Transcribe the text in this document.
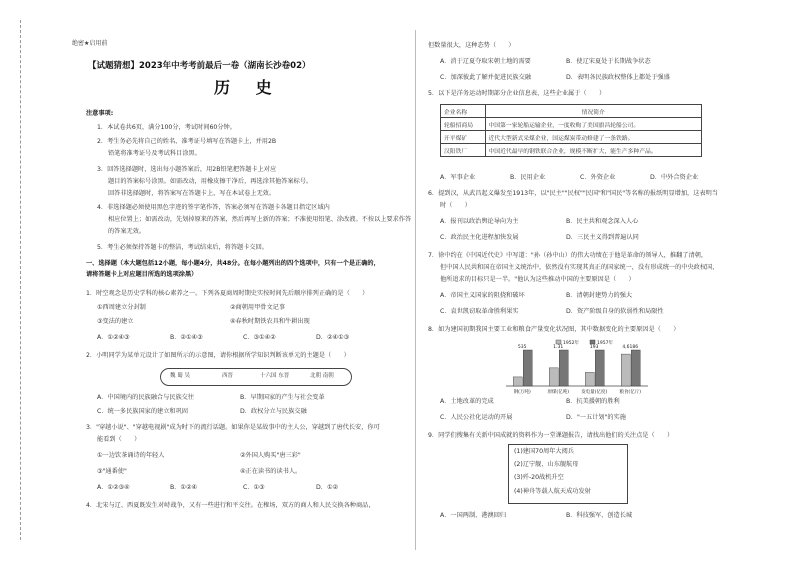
绝密★启用前
【试题猜想】2023年中考考前最后一卷（湖南长沙卷02）
历 史
注意事项:
1．本试卷共6页，满分100分，考试时间60分钟。
2．考生务必先将自己的姓名、准考证号填写在答题卡上，并用2B
铅笔将准考证号及考试科目涂黑。
3．回答选择题时，选出每小题答案后，用2B铅笔把答题卡上对应
题目的答案标号涂黑。如需改动，用橡皮擦干净后，再选涂其他答案标号。
回答非选择题时，将答案写在答题卡上，写在本试卷上无效。
4．非选择题必须使用黑色字迹的签字笔作答，答案必须写在答题卡各题目指定区域内
相应位置上；如需改动，先划掉原来的答案，然后再写上新的答案；不准使用铅笔、涂改液。不按以上要求作答
的答案无效。
5．考生必须保持答题卡的整洁，考试结束后，将答题卡交回。
一、选择题（本大题包括12小题，每小题4分，共48分。在每小题列出的四个选项中，只有一个是正确的，
请将答题卡上对应题目所选的选项涂黑）
1．时空观念是历史学科的核心素养之一。下列各夏商周时期史实按时间先后顺序排列正确的是（　　）
①西周建立分封制	②商朝用甲骨文记事
③变法的建立	④春秋时期铁农具和牛耕出现
A．①②④③	B．②①④③	C．③①④②	D．②④①③
2．小明同学为某单元设计了如图所示的示意图，请你根据所学知识判断该单元的主题是（　　）
魏 蜀 吴	西晋	十六国 东晋	北朝 南朝
A．中国境内的民族融合与民族交往	B．早期国家的产生与社会变革
C．统一多民族国家的建立和巩固	D．政权分立与民族交融
3．"穿越小说"、"穿越电视剧"成为时下的流行话题。如果你是某故事中的主人公，穿越到了唐代长安，你可
能看到（　　）
①一边饮茶诵诗的年轻人	②外国人购买"唐三彩"
③"通番使"	④正在读书的读书人。
A．①②③④	B．①②④	C．①③	D．①②
4．北宋与辽、西夏既发生对峙战争，又有一些进行和平交往。在榷场，双方的商人和人民交换各种商品，
但数量很大，这种态势（　　）
A．消于辽夏夺取宋朝土地的需要	B．使辽宋夏处于长期战争状态
C．加深彼此了解并促进民族交融	D．表明各民族政权整体上都处于强盛
5．以下是洋务运动时期部分企业信息表，这些企业属于（　　）
企业名称	情况简介
轮船招商局	中国第一家轮船运输企业，一度收购了美国旗昌轮船公司。
开平煤矿	近代大型新式采煤企业，国运煤炭带动修建了一条铁路。
汉阳铁厂	中国近代最早的钢铁联合企业，规模不断扩大，能生产多种产品。
A．军事企业	B．民用企业	C．外资企业	D．中外合资企业
6．提到汉，从武昌起义爆发至1913年，以"民主""民权""民国"和"国民"等名称的报纸明显增加，这表明当
时（　　）
A．报刊以政治舆论导向为主	B．民主共和观念深入人心
C．政治民主化进程加快发展	D．三民主义得到普遍认同
7．徐中约在《中国近代史》中写道："孙（孙中山）的伟大功绩在于他是革命的领导人，推翻了清朝，
但中国人民共和国在帝国主义统治中，依然没有实现其真正的国家统一，没有形成统一的中央政权国，
他所追求的目标只是一半。"他认为这些推动中国的主要原因是（　　）
A．帝国主义国家的阻挠和破坏	B．清朝封建势力的强大
C．袁世凯窃取革命胜利果实	D．资产阶级自身的软弱性和局限性
8．如为建国初期我国主要工业和粮食产量变化状况图，其中数据变化的主要原因是（　　）
535
钢(万吨)
1.31
原煤(亿吨)
193
发电量(亿度)
4,6186
粮食(亿斤)
1952年	1957年
A．土地改革的完成	B．抗美援朝的胜利
C．人民公社化运动的开展	D．"一五计划"的实施
9．同学们搜集有关新中国成就的资料作为一堂课题报告，请找出他们的关注点是（　　）
(1)建国70周年大阅兵
(2)辽宁舰、山东舰航母
(3)歼-20战机升空
(4)神舟等载人航天成功发射
A．一国两制、港澳回归	B．科技强军、创造长城
